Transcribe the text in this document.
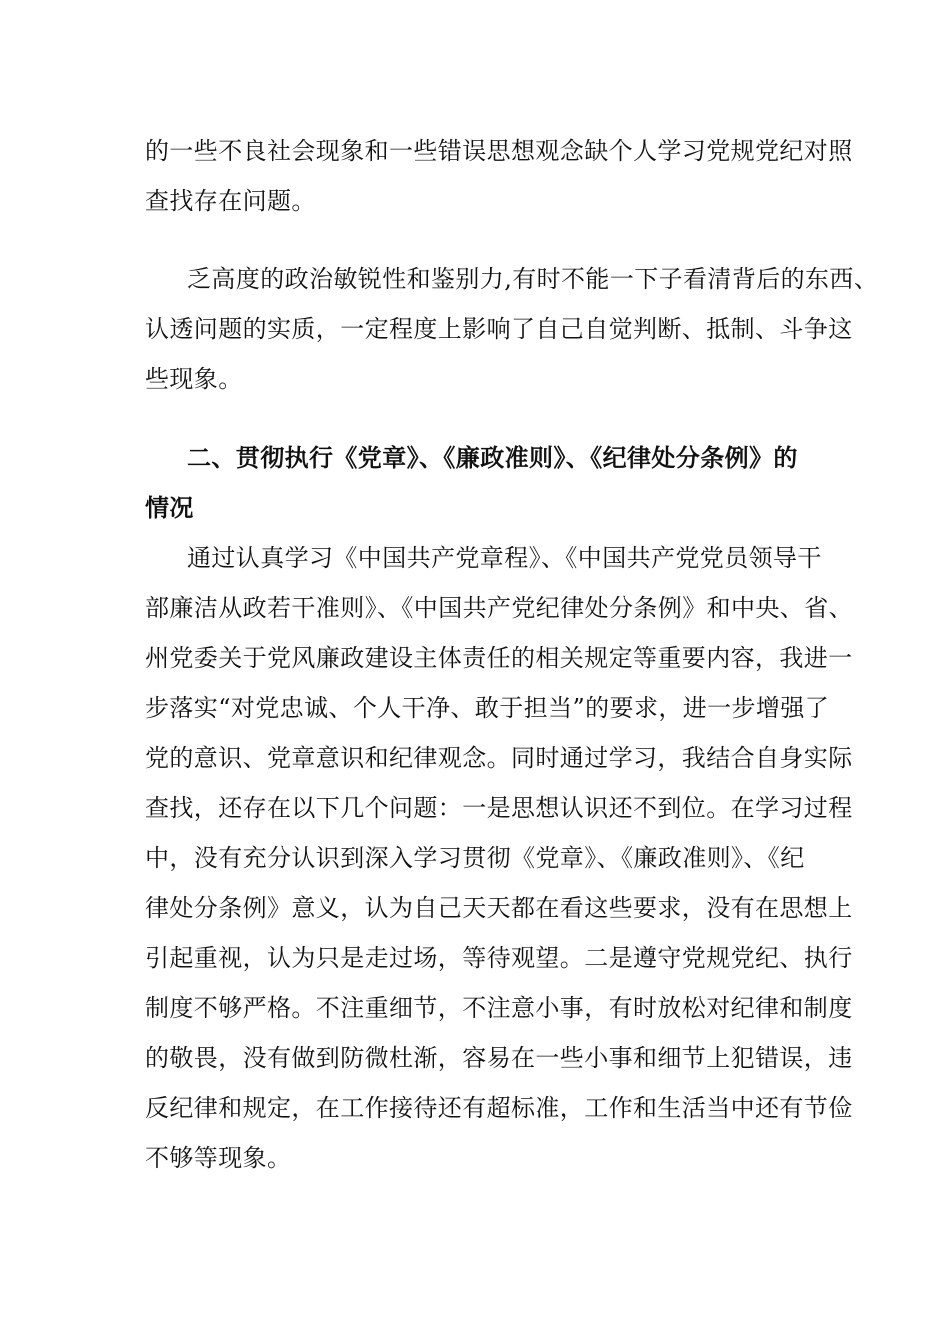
的一些不良社会现象和一些错误思想观念缺个人学习党规党纪对照
查找存在问题。
乏高度的政治敏锐性和鉴别力,有时不能一下子看清背后的东西、
认透问题的实质，一定程度上影响了自己自觉判断、抵制、斗争这
些现象。
二、贯彻执行《党章》、《廉政准则》、《纪律处分条例》的
情况
通过认真学习《中国共产党章程》、《中国共产党党员领导干
部廉洁从政若干准则》、《中国共产党纪律处分条例》和中央、省、
州党委关于党风廉政建设主体责任的相关规定等重要内容，我进一
步落实“对党忠诚、个人干净、敢于担当”的要求，进一步增强了
党的意识、党章意识和纪律观念。同时通过学习，我结合自身实际
查找，还存在以下几个问题：一是思想认识还不到位。在学习过程
中，没有充分认识到深入学习贯彻《党章》、《廉政准则》、《纪
律处分条例》意义，认为自己天天都在看这些要求，没有在思想上
引起重视，认为只是走过场，等待观望。二是遵守党规党纪、执行
制度不够严格。不注重细节，不注意小事，有时放松对纪律和制度
的敬畏，没有做到防微杜渐，容易在一些小事和细节上犯错误，违
反纪律和规定，在工作接待还有超标准，工作和生活当中还有节俭
不够等现象。
